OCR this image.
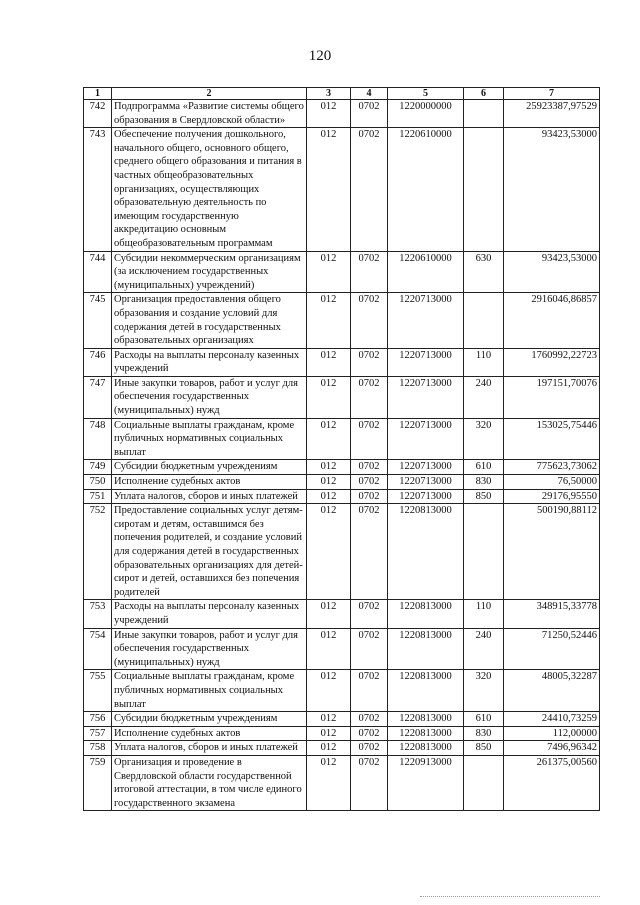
120
1	2	3	4	5	6	7
742	Подпрограмма «Развитие системы общего образования в Свердловской области»	012	0702	1220000000		25923387,97529
743	Обеспечение получения дошкольного, начального общего, основного общего, среднего общего образования и питания в частных общеобразовательных организациях, осуществляющих образовательную деятельность по имеющим государственную аккредитацию основным общеобразовательным программам	012	0702	1220610000		93423,53000
744	Субсидии некоммерческим организациям (за исключением государственных (муниципальных) учреждений)	012	0702	1220610000	630	93423,53000
745	Организация предоставления общего образования и создание условий для содержания детей в государственных образовательных организациях	012	0702	1220713000		2916046,86857
746	Расходы на выплаты персоналу казенных учреждений	012	0702	1220713000	110	1760992,22723
747	Иные закупки товаров, работ и услуг для обеспечения государственных (муниципальных) нужд	012	0702	1220713000	240	197151,70076
748	Социальные выплаты гражданам, кроме публичных нормативных социальных выплат	012	0702	1220713000	320	153025,75446
749	Субсидии бюджетным учреждениям	012	0702	1220713000	610	775623,73062
750	Исполнение судебных актов	012	0702	1220713000	830	76,50000
751	Уплата налогов, сборов и иных платежей	012	0702	1220713000	850	29176,95550
752	Предоставление социальных услуг детям-сиротам и детям, оставшимся без попечения родителей, и создание условий для содержания детей в государственных образовательных организациях для детей-сирот и детей, оставшихся без попечения родителей	012	0702	1220813000		500190,88112
753	Расходы на выплаты персоналу казенных учреждений	012	0702	1220813000	110	348915,33778
754	Иные закупки товаров, работ и услуг для обеспечения государственных (муниципальных) нужд	012	0702	1220813000	240	71250,52446
755	Социальные выплаты гражданам, кроме публичных нормативных социальных выплат	012	0702	1220813000	320	48005,32287
756	Субсидии бюджетным учреждениям	012	0702	1220813000	610	24410,73259
757	Исполнение судебных актов	012	0702	1220813000	830	112,00000
758	Уплата налогов, сборов и иных платежей	012	0702	1220813000	850	7496,96342
759	Организация и проведение в Свердловской области государственной итоговой аттестации, в том числе единого государственного экзамена	012	0702	1220913000		261375,00560
